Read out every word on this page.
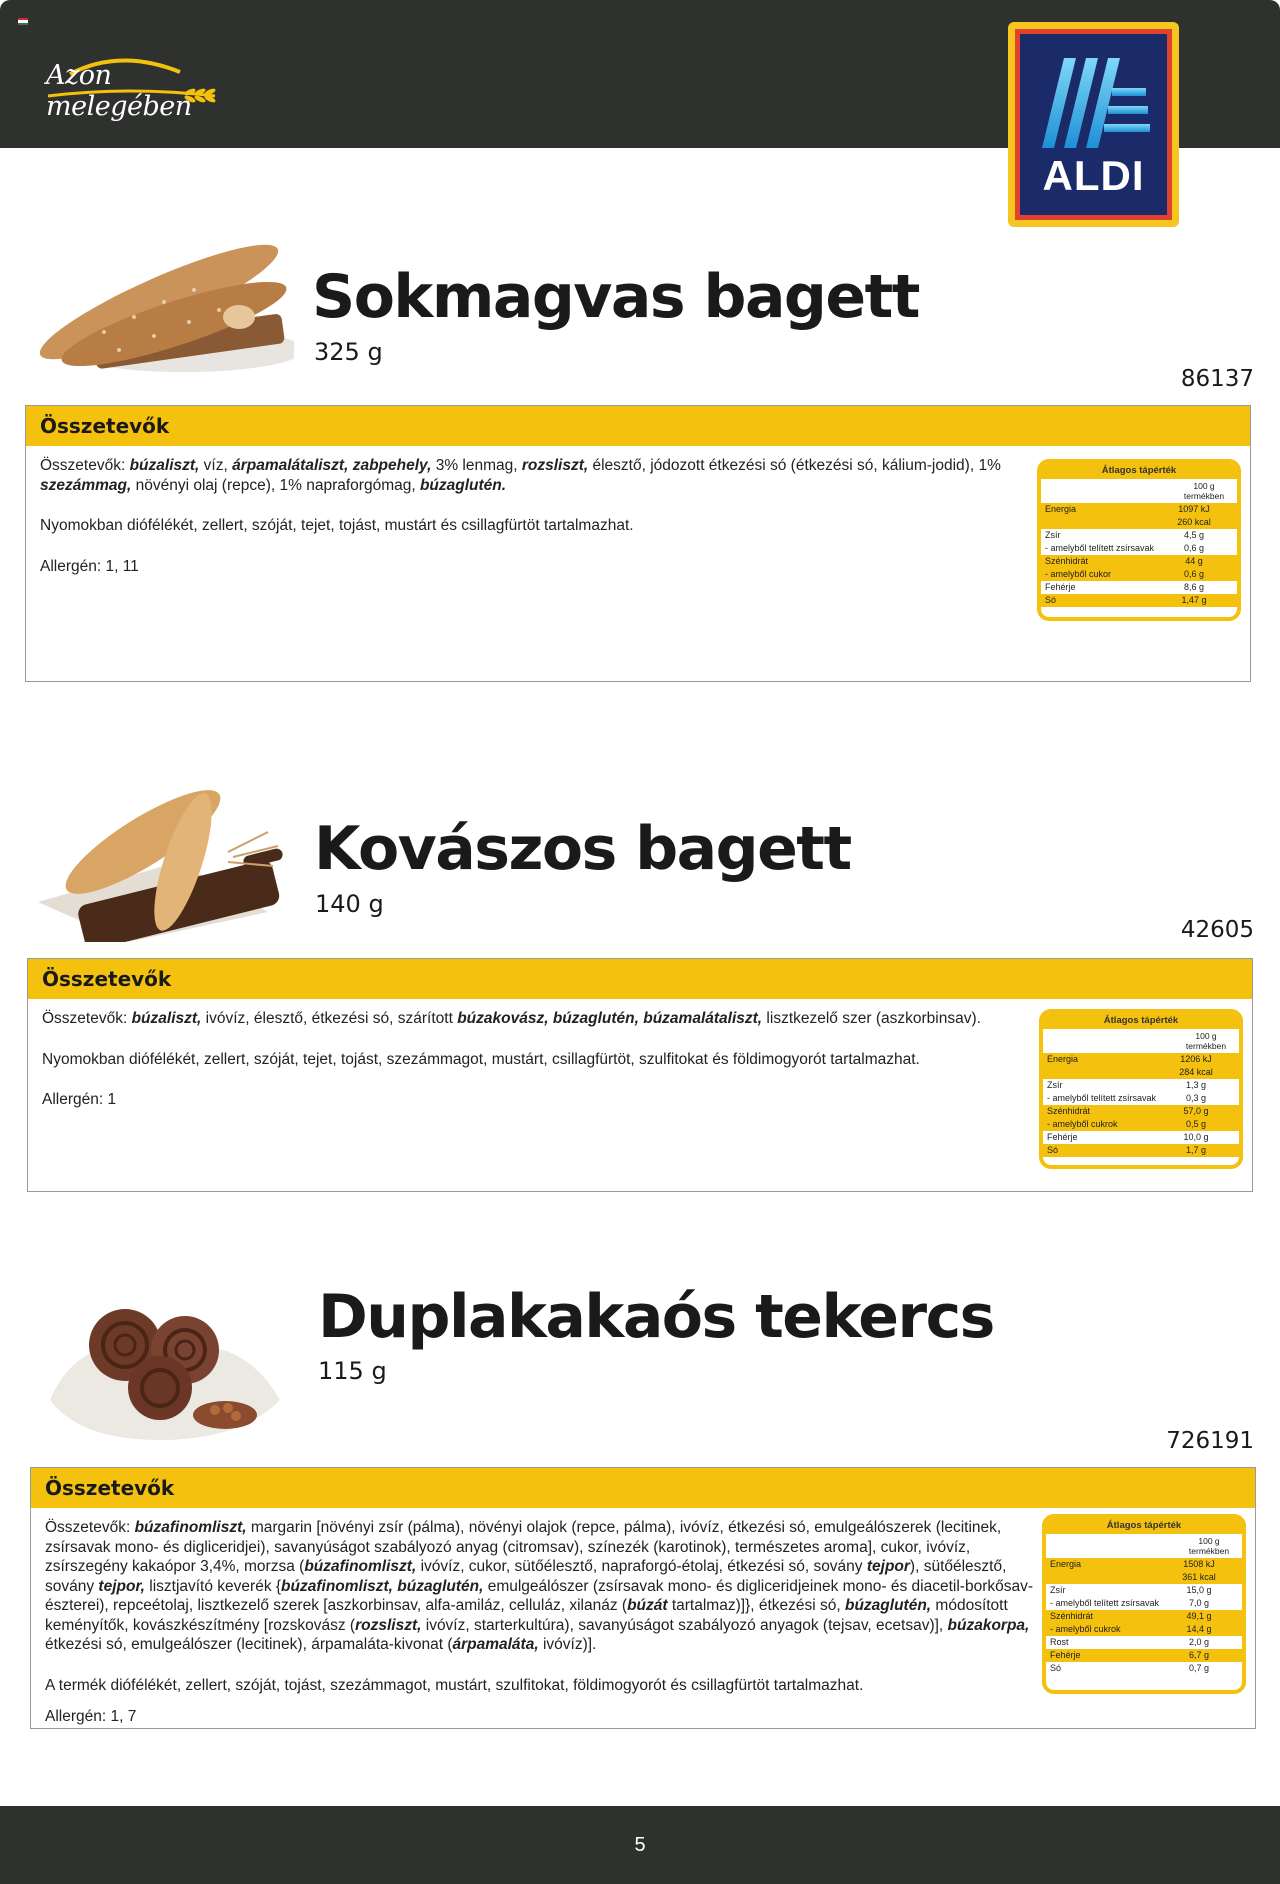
Azon melegében
ALDI
Sokmagvas bagett
325 g
86137
Összetevők

Összetevők: búzaliszt, víz, árpamalátaliszt, zabpehely, 3% lenmag, rozsliszt, élesztő, jódozott étkezési só (étkezési só, kálium-jodid), 1% szezámmag, növényi olaj (repce), 1% napraforgómag, búzaglutén.

Nyomokban diófélékét, zellert, szóját, tejet, tojást, mustárt és csillagfürtöt tartalmazhat.

Allergén: 1, 11

Átlagos tápérték
100 g
termékben
Energia	1097 kJ
260 kcal
Zsír	4,5 g
- amelyből telített zsírsavak	0,6 g
Szénhidrát	44 g
- amelyből cukor	0,6 g
Fehérje	8,6 g
Só	1,47 g
Kovászos bagett
140 g
42605
Összetevők

Összetevők: búzaliszt, ivóvíz, élesztő, étkezési só, szárított búzakovász, búzaglutén, búzamalátaliszt, lisztkezelő szer (aszkorbinsav).

Nyomokban diófélékét, zellert, szóját, tejet, tojást, szezámmagot, mustárt, csillagfürtöt, szulfitokat és földimogyorót tartalmazhat.

Allergén: 1

Átlagos tápérték
100 g
termékben
Energia	1206 kJ
284 kcal
Zsír	1,3 g
- amelyből telített zsírsavak	0,3 g
Szénhidrát	57,0 g
- amelyből cukrok	0,5 g
Fehérje	10,0 g
Só	1,7 g
Duplakakaós tekercs
115 g
726191
Összetevők

Összetevők: búzafinomliszt, margarin [növényi zsír (pálma), növényi olajok (repce, pálma), ivóvíz, étkezési só, emulgeálószerek (lecitinek, zsírsavak mono- és digliceridjei), savanyúságot szabályozó anyag (citromsav), színezék (karotinok), természetes aroma], cukor, ivóvíz, zsírszegény kakaópor 3,4%, morzsa (búzafinomliszt, ivóvíz, cukor, sütőélesztő, napraforgó-étolaj, étkezési só, sovány tejpor), sütőélesztő, sovány tejpor, lisztjavító keverék {búzafinomliszt, búzaglutén, emulgeálószer (zsírsavak mono- és digliceridjeinek mono- és diacetil-borkősav-észterei), repceétolaj, lisztkezelő szerek [aszkorbinsav, alfa-amiláz, celluláz, xilanáz (búzát tartalmaz)]}, étkezési só, búzaglutén, módosított keményítők, kovászkészítmény [rozskovász (rozsliszt, ivóvíz, starterkultúra), savanyúságot szabályozó anyagok (tejsav, ecetsav)], búzakorpa, étkezési só, emulgeálószer (lecitinek), árpamaláta-kivonat (árpamaláta, ivóvíz)].

A termék diófélékét, zellert, szóját, tojást, szezámmagot, mustárt, szulfitokat, földimogyorót és csillagfürtöt tartalmazhat.

Allergén: 1, 7

Átlagos tápérték
100 g
termékben
Energia	1508 kJ
361 kcal
Zsír	15,0 g
- amelyből telített zsírsavak	7,0 g
Szénhidrát	49,1 g
- amelyből cukrok	14,4 g
Rost	2,0 g
Fehérje	6,7 g
Só	0,7 g
5
